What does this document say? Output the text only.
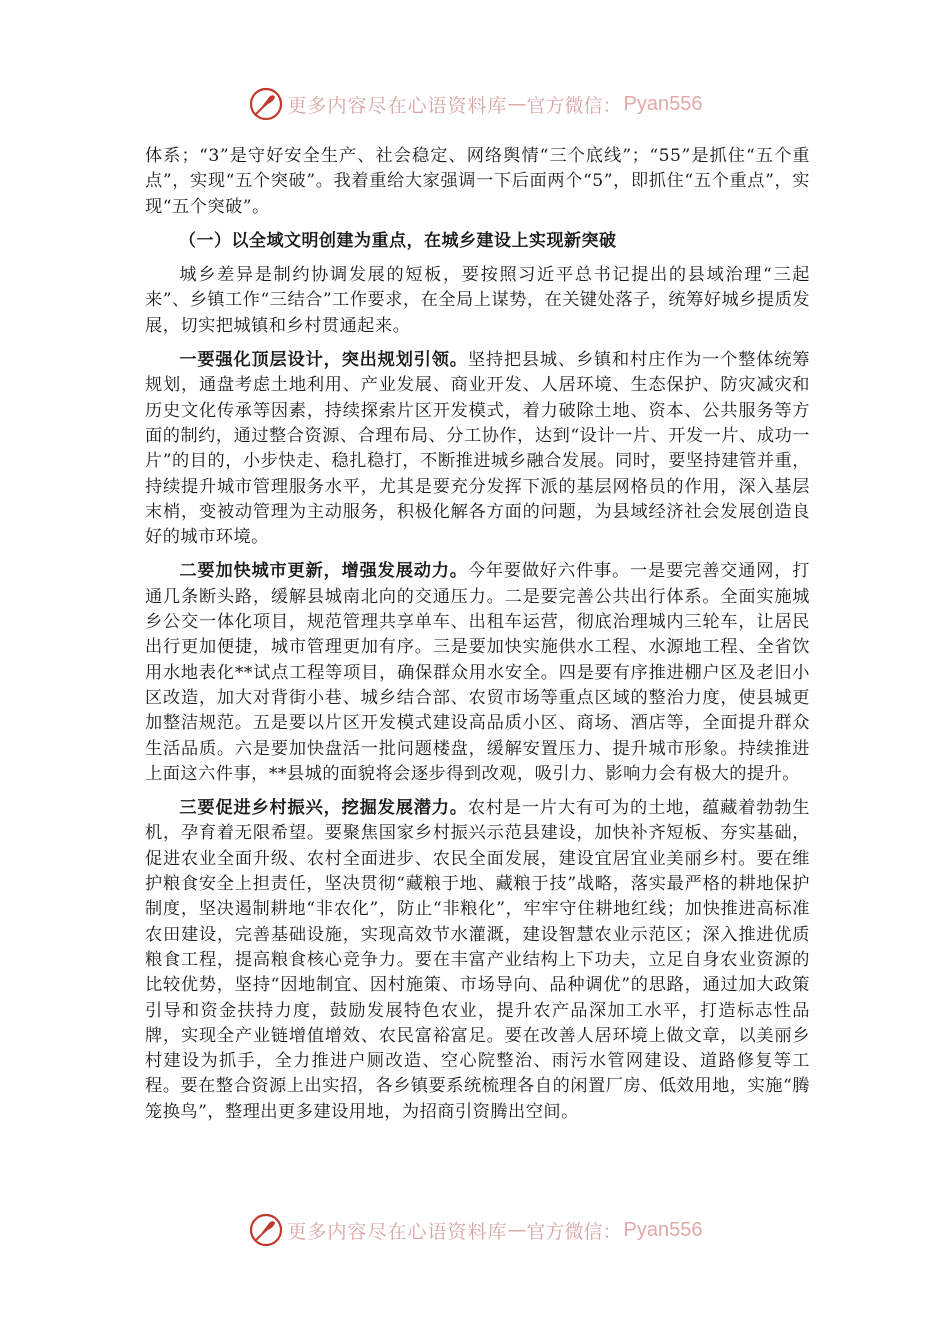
更多内容尽在心语资料库 — 官方微信： Pyan556

体系；“3”是守好安全生产、社会稳定、网络舆情“三个底线”；“55”是抓住“五个重点”，实现“五个突破”。我着重给大家强调一下后面两个“5”，即抓住“五个重点”，实现“五个突破”。

（一）以全域文明创建为重点，在城乡建设上实现新突破

城乡差异是制约协调发展的短板，要按照习近平总书记提出的县域治理“三起来”、乡镇工作“三结合”工作要求，在全局上谋势，在关键处落子，统筹好城乡提质发展，切实把城镇和乡村贯通起来。

一要强化顶层设计，突出规划引领。坚持把县城、乡镇和村庄作为一个整体统筹规划，通盘考虑土地利用、产业发展、商业开发、人居环境、生态保护、防灾减灾和历史文化传承等因素，持续探索片区开发模式，着力破除土地、资本、公共服务等方面的制约，通过整合资源、合理布局、分工协作，达到“设计一片、开发一片、成功一片”的目的，小步快走、稳扎稳打，不断推进城乡融合发展。同时，要坚持建管并重，持续提升城市管理服务水平，尤其是要充分发挥下派的基层网格员的作用，深入基层末梢，变被动管理为主动服务，积极化解各方面的问题，为县域经济社会发展创造良好的城市环境。

二要加快城市更新，增强发展动力。今年要做好六件事。一是要完善交通网，打通几条断头路，缓解县城南北向的交通压力。二是要完善公共出行体系。全面实施城乡公交一体化项目，规范管理共享单车、出租车运营，彻底治理城内三轮车，让居民出行更加便捷，城市管理更加有序。三是要加快实施供水工程、水源地工程、全省饮用水地表化**试点工程等项目，确保群众用水安全。四是要有序推进棚户区及老旧小区改造，加大对背街小巷、城乡结合部、农贸市场等重点区域的整治力度，使县城更加整洁规范。五是要以片区开发模式建设高品质小区、商场、酒店等，全面提升群众生活品质。六是要加快盘活一批问题楼盘，缓解安置压力、提升城市形象。持续推进上面这六件事，**县城的面貌将会逐步得到改观，吸引力、影响力会有极大的提升。

三要促进乡村振兴，挖掘发展潜力。农村是一片大有可为的土地，蕴藏着勃勃生机，孕育着无限希望。要聚焦国家乡村振兴示范县建设，加快补齐短板、夯实基础，促进农业全面升级、农村全面进步、农民全面发展，建设宜居宜业美丽乡村。要在维护粮食安全上担责任，坚决贯彻“藏粮于地、藏粮于技”战略，落实最严格的耕地保护制度，坚决遏制耕地“非农化”，防止“非粮化”，牢牢守住耕地红线；加快推进高标准农田建设，完善基础设施，实现高效节水灌溉，建设智慧农业示范区；深入推进优质粮食工程，提高粮食核心竞争力。要在丰富产业结构上下功夫，立足自身农业资源的比较优势，坚持“因地制宜、因村施策、市场导向、品种调优”的思路，通过加大政策引导和资金扶持力度，鼓励发展特色农业，提升农产品深加工水平，打造标志性品牌，实现全产业链增值增效、农民富裕富足。要在改善人居环境上做文章，以美丽乡村建设为抓手，全力推进户厕改造、空心院整治、雨污水管网建设、道路修复等工程。要在整合资源上出实招，各乡镇要系统梳理各自的闲置厂房、低效用地，实施“腾笼换鸟”，整理出更多建设用地，为招商引资腾出空间。

更多内容尽在心语资料库 — 官方微信： Pyan556
